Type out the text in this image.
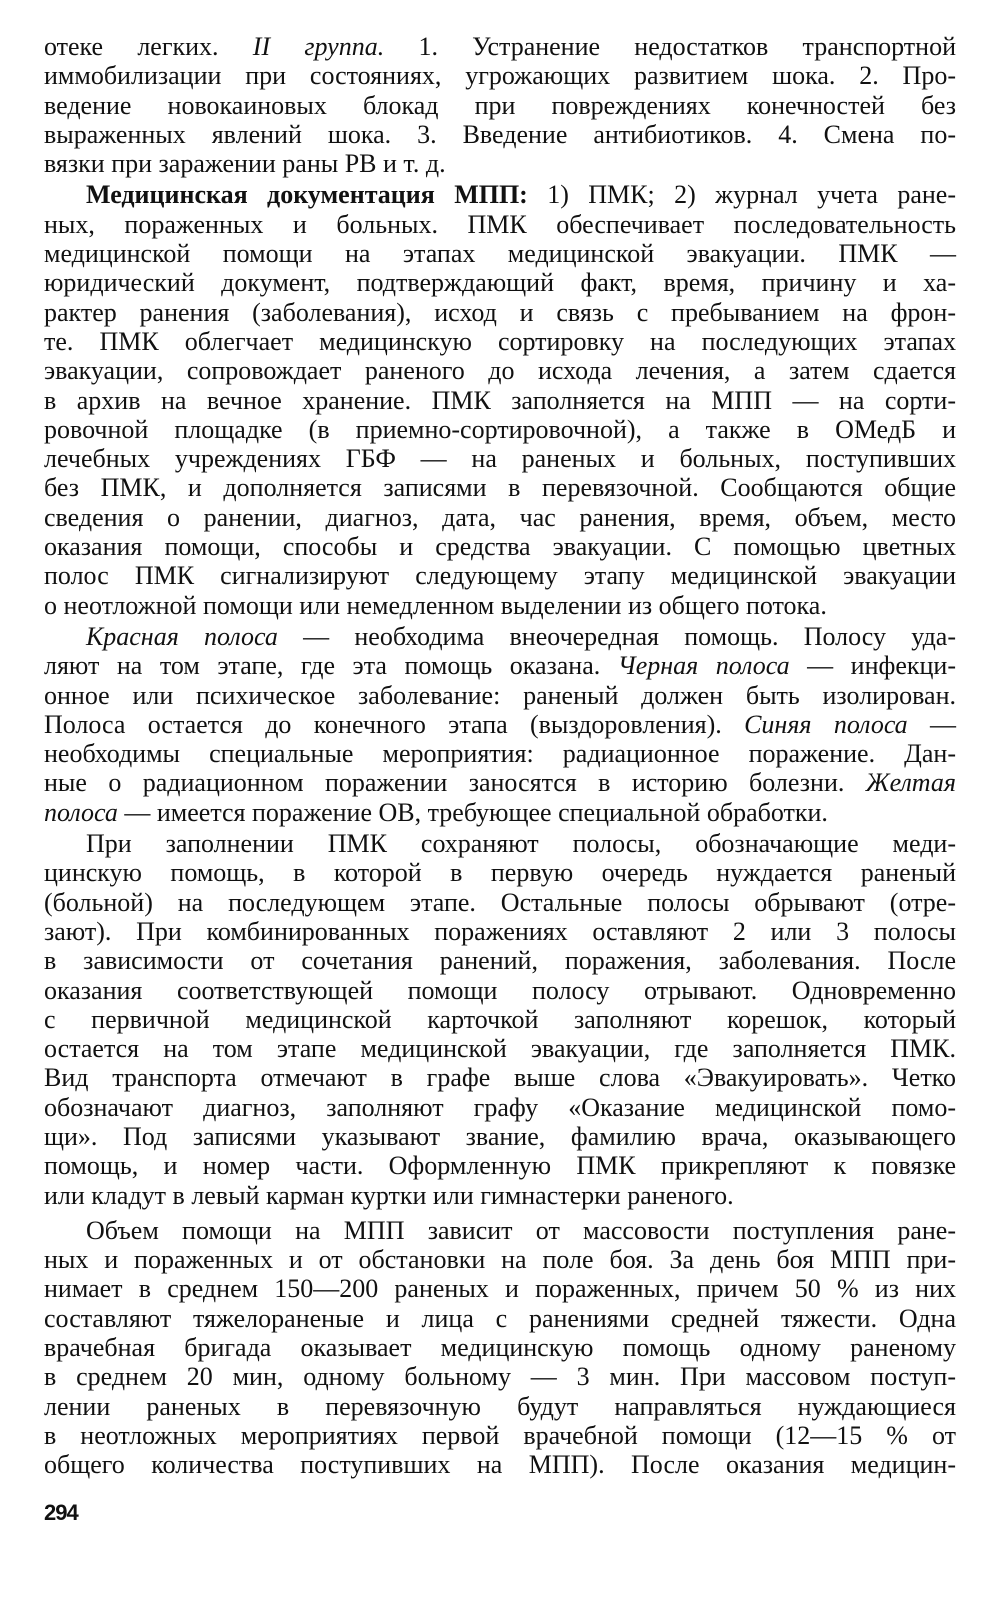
отеке легких. II группа. 1. Устранение недостатков транспортной
иммобилизации при состояниях, угрожающих развитием шока. 2. Про-
ведение новокаиновых блокад при повреждениях конечностей без
выраженных явлений шока. 3. Введение антибиотиков. 4. Смена по-
вязки при заражении раны РВ и т. д.
Медицинская документация МПП: 1) ПМК; 2) журнал учета ране-
ных, пораженных и больных. ПМК обеспечивает последовательность
медицинской помощи на этапах медицинской эвакуации. ПМК —
юридический документ, подтверждающий факт, время, причину и ха-
рактер ранения (заболевания), исход и связь с пребыванием на фрон-
те. ПМК облегчает медицинскую сортировку на последующих этапах
эвакуации, сопровождает раненого до исхода лечения, а затем сдается
в архив на вечное хранение. ПМК заполняется на МПП — на сорти-
ровочной площадке (в приемно-сортировочной), а также в ОМедБ и
лечебных учреждениях ГБФ — на раненых и больных, поступивших
без ПМК, и дополняется записями в перевязочной. Сообщаются общие
сведения о ранении, диагноз, дата, час ранения, время, объем, место
оказания помощи, способы и средства эвакуации. С помощью цветных
полос ПМК сигнализируют следующему этапу медицинской эвакуации
о неотложной помощи или немедленном выделении из общего потока.
Красная полоса — необходима внеочередная помощь. Полосу уда-
ляют на том этапе, где эта помощь оказана. Черная полоса — инфекци-
онное или психическое заболевание: раненый должен быть изолирован.
Полоса остается до конечного этапа (выздоровления). Синяя полоса —
необходимы специальные мероприятия: радиационное поражение. Дан-
ные о радиационном поражении заносятся в историю болезни. Желтая
полоса — имеется поражение ОВ, требующее специальной обработки.
При заполнении ПМК сохраняют полосы, обозначающие меди-
цинскую помощь, в которой в первую очередь нуждается раненый
(больной) на последующем этапе. Остальные полосы обрывают (отре-
зают). При комбинированных поражениях оставляют 2 или 3 полосы
в зависимости от сочетания ранений, поражения, заболевания. После
оказания соответствующей помощи полосу отрывают. Одновременно
с первичной медицинской карточкой заполняют корешок, который
остается на том этапе медицинской эвакуации, где заполняется ПМК.
Вид транспорта отмечают в графе выше слова «Эвакуировать». Четко
обозначают диагноз, заполняют графу «Оказание медицинской помо-
щи». Под записями указывают звание, фамилию врача, оказывающего
помощь, и номер части. Оформленную ПМК прикрепляют к повязке
или кладут в левый карман куртки или гимнастерки раненого.
Объем помощи на МПП зависит от массовости поступления ране-
ных и пораженных и от обстановки на поле боя. За день боя МПП при-
нимает в среднем 150—200 раненых и пораженных, причем 50 % из них
составляют тяжелораненые и лица с ранениями средней тяжести. Одна
врачебная бригада оказывает медицинскую помощь одному раненому
в среднем 20 мин, одному больному — 3 мин. При массовом поступ-
лении раненых в перевязочную будут направляться нуждающиеся
в неотложных мероприятиях первой врачебной помощи (12—15 % от
общего количества поступивших на МПП). После оказания медицин-
294
